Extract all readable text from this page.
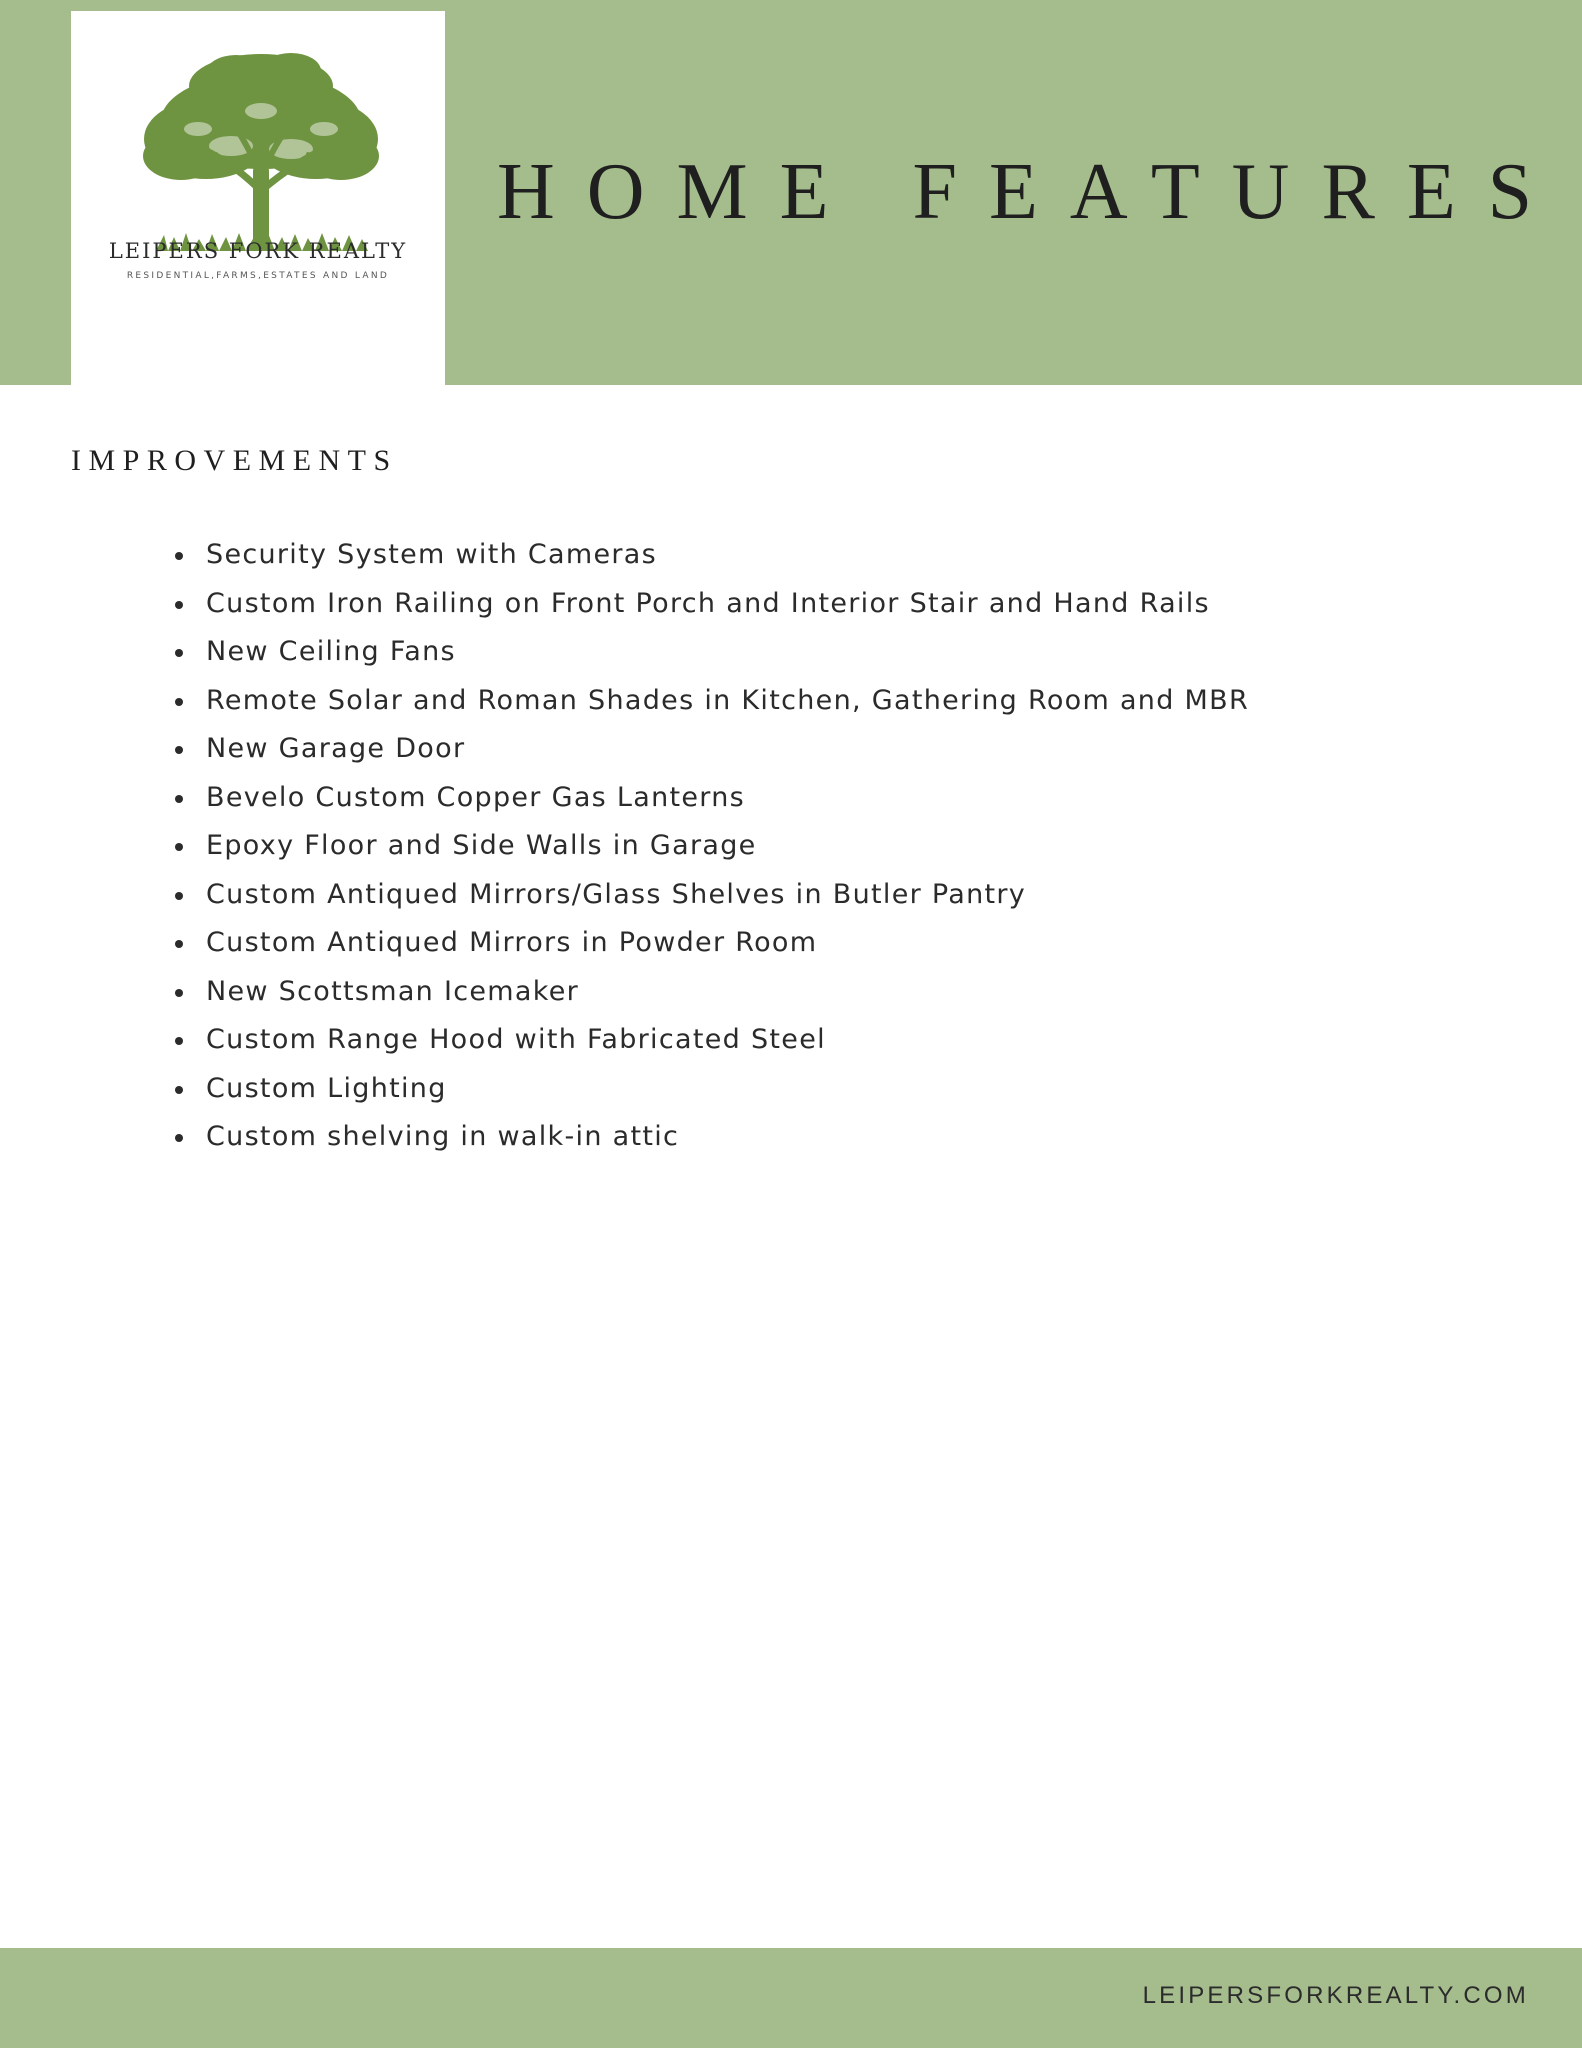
LEIPERS FORK REALTY
RESIDENTIAL,FARMS,ESTATES AND LAND
HOME FEATURES
IMPROVEMENTS
Security System with Cameras
Custom Iron Railing on Front Porch and Interior Stair and Hand Rails
New Ceiling Fans
Remote Solar and Roman Shades in Kitchen, Gathering Room and MBR
New Garage Door
Bevelo Custom Copper Gas Lanterns
Epoxy Floor and Side Walls in Garage
Custom Antiqued Mirrors/Glass Shelves in Butler Pantry
Custom Antiqued Mirrors in Powder Room
New Scottsman Icemaker
Custom Range Hood with Fabricated Steel
Custom Lighting
Custom shelving in walk-in attic
LEIPERSFORKREALTY.COM
